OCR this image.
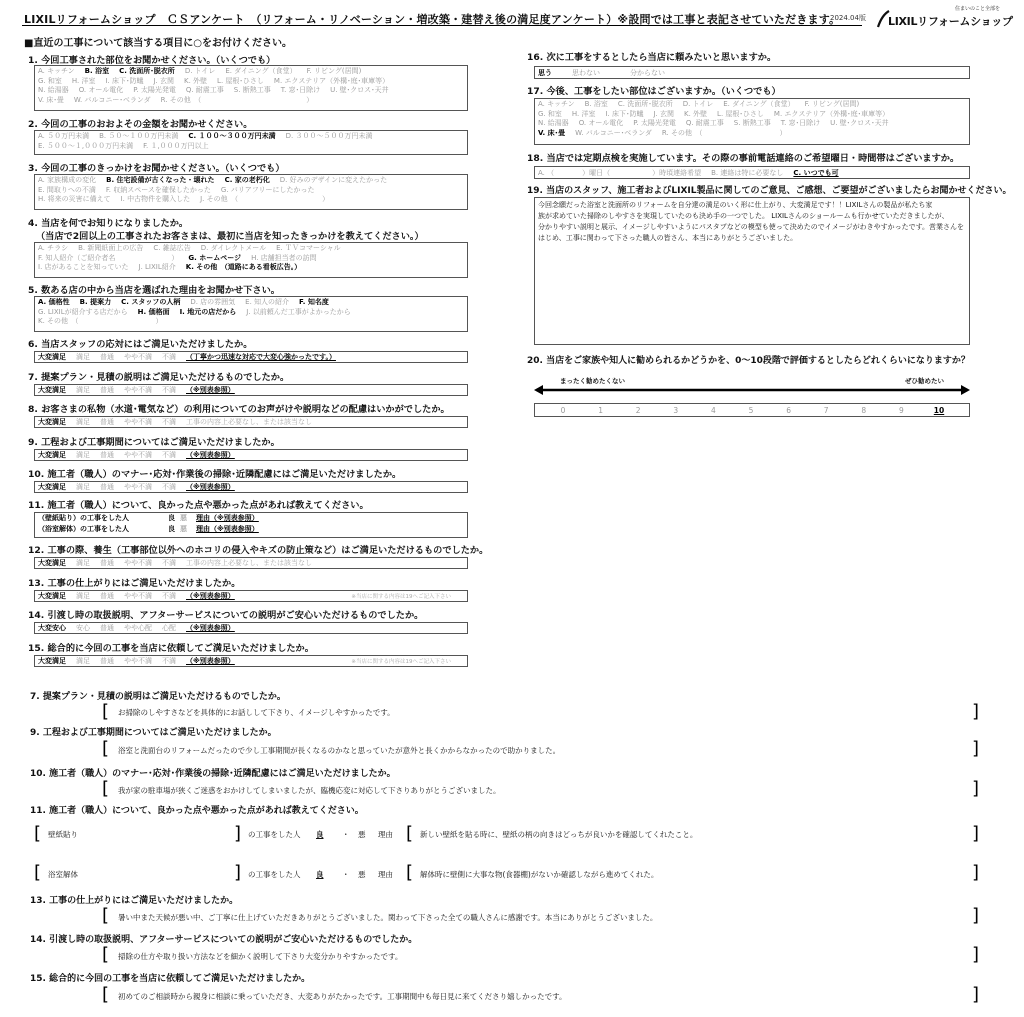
LIXILリフォームショップ　ＣＳアンケート　（リフォーム・リノベーション・増改築・建替え後の満足度アンケート）※設問では工事と表記させていただきます。
2024.04版
住まいのこと全部を
LIXILリフォームショップ
■直近の工事について該当する項目に○をお付けください。
1. 今回工事された部位をお聞かせください。（いくつでも）
A. キッチン B. 浴室 C. 洗面所･脱衣所 D. トイレ E. ダイニング（食堂） F. リビング(居間)
G. 和室 H. 洋室 I. 床下･防蟻 J. 玄関 K. 外壁 L. 屋根･ひさし M. エクステリア（外構･庭･車庫等）
N. 給湯器 O. オール電化 P. 太陽光発電 Q. 耐震工事 S. 断熱工事 T. 窓･日除け U. 壁･クロス･天井
V. 床･畳 W. バルコニー･ベランダ R. その他　（　　　　　　　　　　　　　　　）
2. 今回の工事のおおよその金額をお聞かせください。
A. ５０万円未満 B. ５０～１００万円未満 C. １００～３００万円未満 D. ３００～５００万円未満
E. ５００～１,０００万円未満 F. １,０００万円以上
3. 今回の工事のきっかけをお聞かせください。（いくつでも）
A. 家族構成の変化 B. 住宅設備が古くなった・壊れた C. 家の老朽化 D. 好みのデザインに変えたかった
E. 間取りへの不満 F. 収納スペースを確保したかった G. バリアフリーにしたかった
H. 将来の災害に備えて I. 中古物件を購入した J. その他　（　　　　　　　　　　　　）
4. 当店を何でお知りになりましたか。
（当店で2回以上の工事されたお客さまは、最初に当店を知ったきっかけを教えてください。）
A. チラシ B. 新聞紙面上の広告 C. 雑誌広告 D. ダイレクトメール E. ＴＶコマーシャル
F. 知人紹介（ご紹介者名　　　　　　　　） G. ホームページ H. 店舗担当者の訪問
I. 店があることを知っていた J. LIXIL紹介 K. その他　（道路にある看板広告。）
5. 数ある店の中から当店を選ばれた理由をお聞かせ下さい。
A. 価格性 B. 提案力 C. スタッフの人柄 D. 店の雰囲気 E. 知人の紹介 F. 知名度
G. LIXILが紹介する店だから H. 価格面 I. 地元の店だから J. 以前頼んだ工事がよかったから
K. その他　（　　　　　　　　　　　）
6. 当店スタッフの応対にはご満足いただけましたか。
大変満足 満足 普通 やや不満 不満 （丁寧かつ迅速な対応で大変心強かったです。）
7. 提案プラン・見積の説明はご満足いただけるものでしたか。
大変満足 満足 普通 やや不満 不満 （※別表参照）
8. お客さまの私物（水道･電気など）の利用についてのお声がけや説明などの配慮はいかがでしたか。
大変満足 満足 普通 やや不満 不満 工事の内容上必要なし、または該当なし
9. 工程および工事期間についてはご満足いただけましたか。
大変満足 満足 普通 やや不満 不満 （※別表参照）
10. 施工者（職人）のマナー･応対･作業後の掃除･近隣配慮にはご満足いただけましたか。
大変満足 満足 普通 やや不満 不満 （※別表参照）
11. 施工者（職人）について、良かった点や悪かった点があれば教えてください。
（壁紙貼り）の工事をした人	良 悪 理由（※別表参照）
（浴室解体）の工事をした人	良 悪 理由（※別表参照）
12. 工事の際、養生（工事部位以外へのホコリの侵入やキズの防止策など）はご満足いただけるものでしたか。
大変満足 満足 普通 やや不満 不満 工事の内容上必要なし、または該当なし
13. 工事の仕上がりにはご満足いただけましたか。
大変満足 満足 普通 やや不満 不満 （※別表参照）	※当店に関する内容は19へご記入下さい
14. 引渡し時の取扱説明、アフターサービスについての説明がご安心いただけるものでしたか。
大変安心 安心 普通 やや心配 心配 （※別表参照）
15. 総合的に今回の工事を当店に依頼してご満足いただけましたか。
大変満足 満足 普通 やや不満 不満 （※別表参照）	※当店に関する内容は19へご記入下さい
16. 次に工事をするとしたら当店に頼みたいと思いますか。
思う	思わない	分からない
17. 今後、工事をしたい部位はございますか。（いくつでも）
A. キッチン B. 浴室 C. 洗面所･脱衣所 D. トイレ E. ダイニング（食堂） F. リビング(居間)
G. 和室 H. 洋室 I. 床下･防蟻 J. 玄関 K. 外壁 L. 屋根･ひさし M. エクステリア（外構･庭･車庫等）
N. 給湯器 O. オール電化 P. 太陽光発電 Q. 耐震工事 S. 断熱工事 T. 窓･日除け U. 壁･クロス･天井
V. 床･畳 W. バルコニー･ベランダ R. その他　（　　　　　　　　　　　）
18. 当店では定期点検を実施しています。その際の事前電話連絡のご希望曜日・時間帯はございますか。
A. （　　　　）曜日（　　　　　　）時頃連絡希望 B. 連絡は特に必要なし C. いつでも可
19. 当店のスタッフ、施工者およびLIXIL製品に関してのご意見、ご感想、ご要望がございましたらお聞かせください。
今回念願だった浴室と洗面所のリフォームを自分達の満足のいく形に仕上がり、大変満足です！！LIXILさんの製品が私たち家
族が求めていた掃除のしやすさを実現していたのも決め手の一つでした。 LIXILさんのショールームも行かせていただきましたが、
分かりやすい説明と展示、イメージしやすいようにパスタブなどの模型も使って決めたのでイメージがわきやすかったです。営業さんを
はじめ、工事に関わって下さった職人の皆さん、本当にありがとうございました。
20. 当店をご家族や知人に勧められるかどうかを、0～10段階で評価するとしたらどれくらいになりますか？
まったく勧めたくない	ぜひ勧めたい
0	1	2	3	4	5	6	7	8	9	10
7. 提案プラン・見積の説明はご満足いただけるものでしたか。
[ お掃除のしやすさなどを具体的にお話しして下さり、イメージしやすかったです。	]
9. 工程および工事期間についてはご満足いただけましたか。
[ 浴室と洗面台のリフォームだったので少し工事期間が長くなるのかなと思っていたが意外と長くかからなかったので助かりました。	]
10. 施工者（職人）のマナー･応対･作業後の掃除･近隣配慮にはご満足いただけましたか。
[ 我が家の駐車場が狭くご迷惑をおかけしてしまいましたが、臨機応変に対応して下さりありがとうございました。	]
11. 施工者（職人）について、良かった点や悪かった点があれば教えてください。
[ 壁紙貼り	] の工事をした人 良 ・ 悪 理由 [ 新しい壁紙を貼る時に、壁紙の柄の向きはどっちが良いかを確認してくれたこと。	]
[ 浴室解体	] の工事をした人 良 ・ 悪 理由 [ 解体時に壁側に大事な物(食器棚)がないか確認しながら進めてくれた。	]
13. 工事の仕上がりにはご満足いただけましたか。
[ 暑い中また天候が悪い中、ご丁寧に仕上げていただきありがとうございました。関わって下さった全ての職人さんに感謝です。本当にありがとうございました。	]
14. 引渡し時の取扱説明、アフターサービスについての説明がご安心いただけるものでしたか。
[ 掃除の仕方や取り扱い方法などを細かく説明して下さり大変分かりやすかったです。	]
15. 総合的に今回の工事を当店に依頼してご満足いただけましたか。
[ 初めてのご相談時から親身に相談に乗っていただき、大変ありがたかったです。工事期間中も毎日見に来てくださり嬉しかったです。	]
